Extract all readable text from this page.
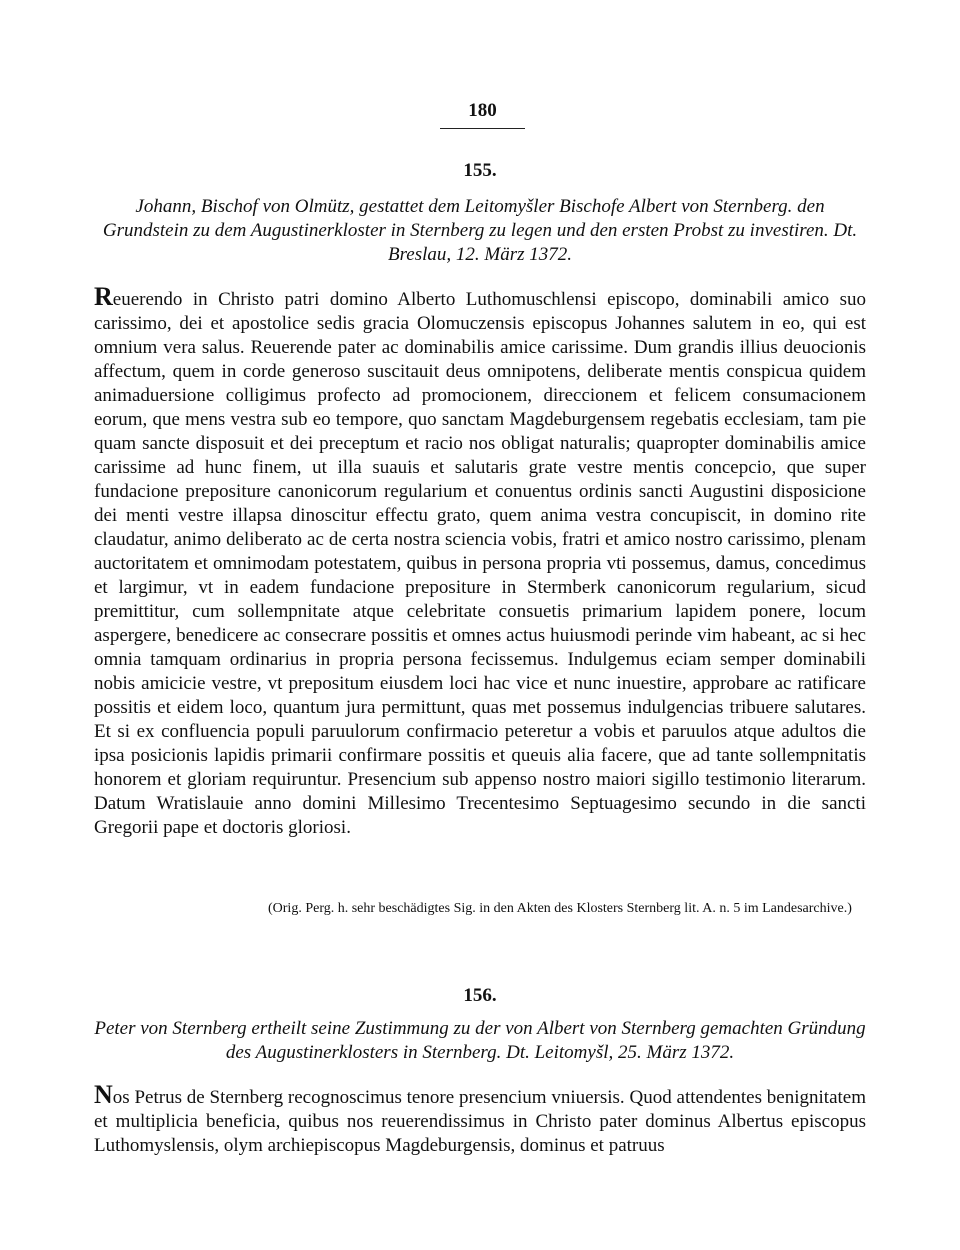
180
155.
Johann, Bischof von Olmütz, gestattet dem Leitomyšler Bischofe Albert von Sternberg. den Grundstein zu dem Augustinerkloster in Sternberg zu legen und den ersten Probst zu investiren. Dt. Breslau, 12. März 1372.
Reuerendo in Christo patri domino Alberto Luthomuschlensi episcopo, dominabili amico suo carissimo, dei et apostolice sedis gracia Olomuczensis episcopus Johannes salutem in eo, qui est omnium vera salus. Reuerende pater ac dominabilis amice carissime. Dum grandis illius deuocionis affectum, quem in corde generoso suscitauit deus omnipotens, deliberate mentis conspicua quidem animaduersione colligimus profecto ad promocionem, direccionem et felicem consumacionem eorum, que mens vestra sub eo tempore, quo sanctam Magdeburgensem regebatis ecclesiam, tam pie quam sancte disposuit et dei preceptum et racio nos obligat naturalis; quapropter dominabilis amice carissime ad hunc finem, ut illa suauis et salutaris grate vestre mentis concepcio, que super fundacione prepositure canonicorum regularium et conuentus ordinis sancti Augustini disposicione dei menti vestre illapsa dinoscitur effectu grato, quem anima vestra concupiscit, in domino rite claudatur, animo deliberato ac de certa nostra sciencia vobis, fratri et amico nostro carissimo, plenam auctoritatem et omnimodam potestatem, quibus in persona propria vti possemus, damus, concedimus et largimur, vt in eadem fundacione prepositure in Stermberk canonicorum regularium, sicud premittitur, cum sollempnitate atque celebritate consuetis primarium lapidem ponere, locum aspergere, benedicere ac consecrare possitis et omnes actus huiusmodi perinde vim habeant, ac si hec omnia tamquam ordinarius in propria persona fecissemus. Indulgemus eciam semper dominabili nobis amicicie vestre, vt prepositum eiusdem loci hac vice et nunc inuestire, approbare ac ratificare possitis et eidem loco, quantum jura permittunt, quas met possemus indulgencias tribuere salutares. Et si ex confluencia populi paruulorum confirmacio peteretur a vobis et paruulos atque adultos die ipsa posicionis lapidis primarii confirmare possitis et queuis alia facere, que ad tante sollempnitatis honorem et gloriam requiruntur. Presencium sub appenso nostro maiori sigillo testimonio literarum. Datum Wratislauie anno domini Millesimo Trecentesimo Septuagesimo secundo in die sancti Gregorii pape et doctoris gloriosi.
(Orig. Perg. h. sehr beschädigtes Sig. in den Akten des Klosters Sternberg lit. A. n. 5 im Landesarchive.)
156.
Peter von Sternberg ertheilt seine Zustimmung zu der von Albert von Sternberg gemachten Gründung des Augustinerklosters in Sternberg. Dt. Leitomyšl, 25. März 1372.
Nos Petrus de Sternberg recognoscimus tenore presencium vniuersis. Quod attendentes benignitatem et multiplicia beneficia, quibus nos reuerendissimus in Christo pater dominus Albertus episcopus Luthomyslensis, olym archiepiscopus Magdeburgensis, dominus et patruus
